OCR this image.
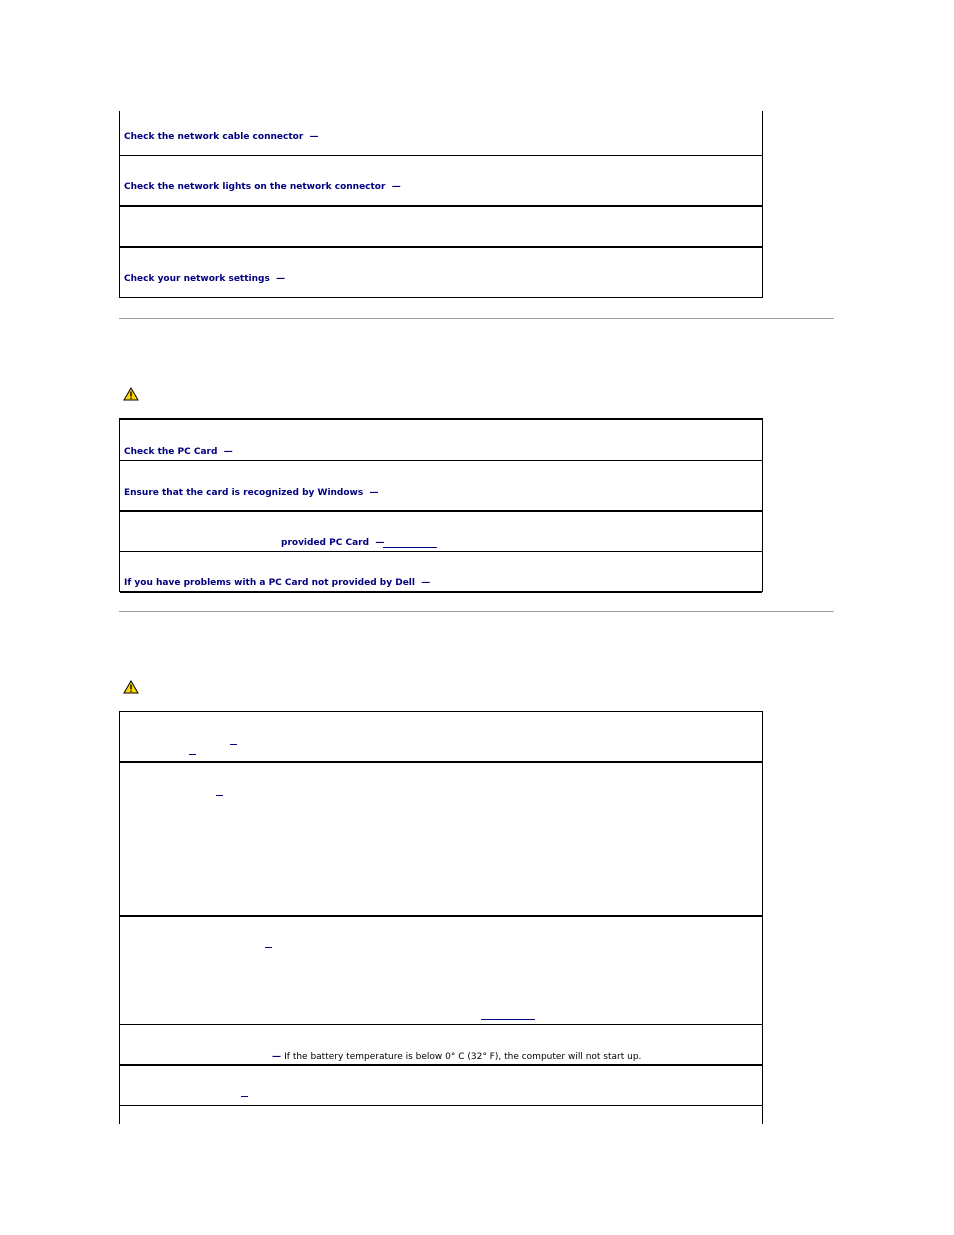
Check the network cable connector —
Check the network lights on the network connector —
Check your network settings —
Check the PC Card —
Ensure that the card is recognized by Windows —
provided PC Card —
If you have problems with a PC Card not provided by Dell —
— If the battery temperature is below 0° C (32° F), the computer will not start up.
